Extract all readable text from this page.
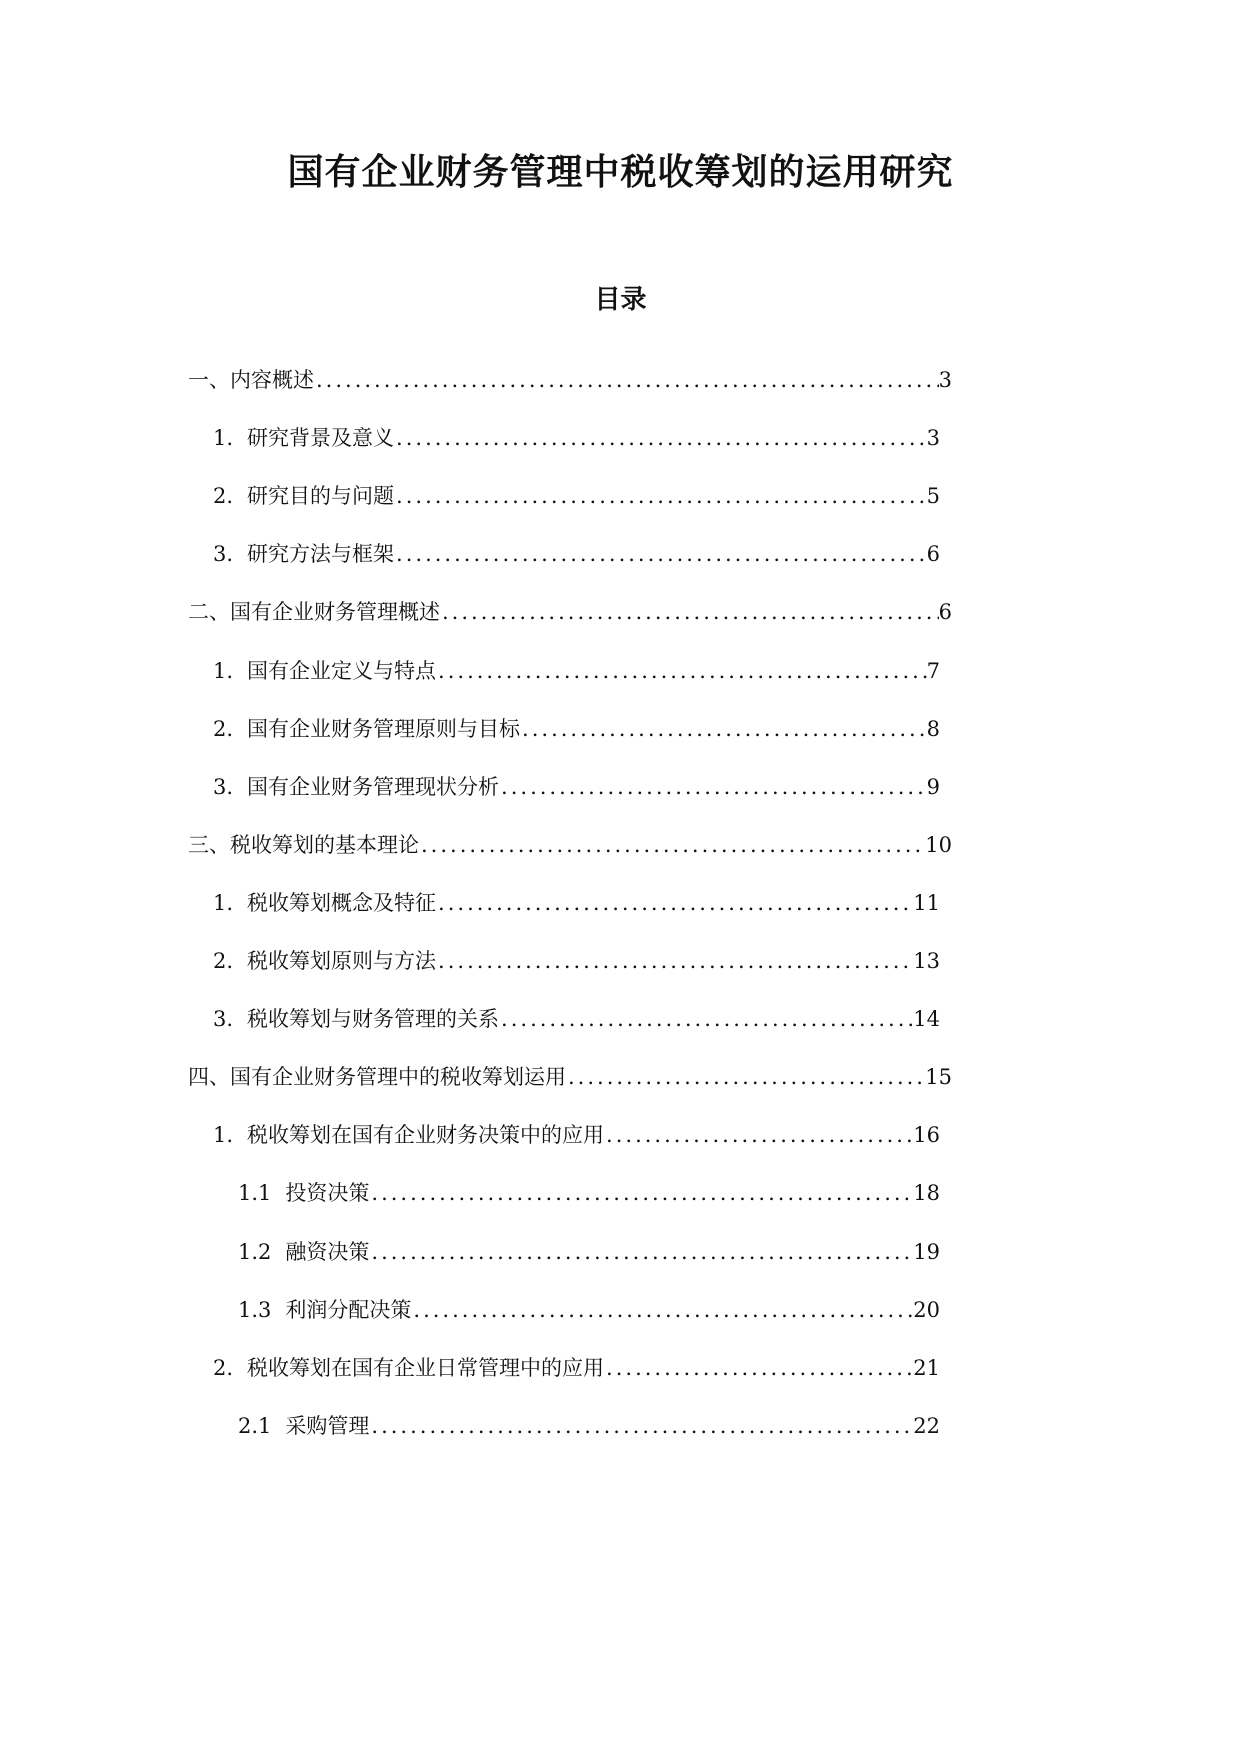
国有企业财务管理中税收筹划的运用研究
目录
一、 内容概述 .....	3
1. 研究背景及意义 .....	3
2. 研究目的与问题 .....	5
3. 研究方法与框架 .....	6
二、 国有企业财务管理概述 .....	6
1. 国有企业定义与特点 .....	7
2. 国有企业财务管理原则与目标 .....	8
3. 国有企业财务管理现状分析 .....	9
三、 税收筹划的基本理论 .....	10
1. 税收筹划概念及特征 .....	11
2. 税收筹划原则与方法 .....	13
3. 税收筹划与财务管理的关系 .....	14
四、 国有企业财务管理中的税收筹划运用 .....	15
1. 税收筹划在国有企业财务决策中的应用 .....	16
1.1 投资决策 .....	18
1.2 融资决策 .....	19
1.3 利润分配决策 .....	20
2. 税收筹划在国有企业日常管理中的应用 .....	21
2.1 采购管理 .....	22
